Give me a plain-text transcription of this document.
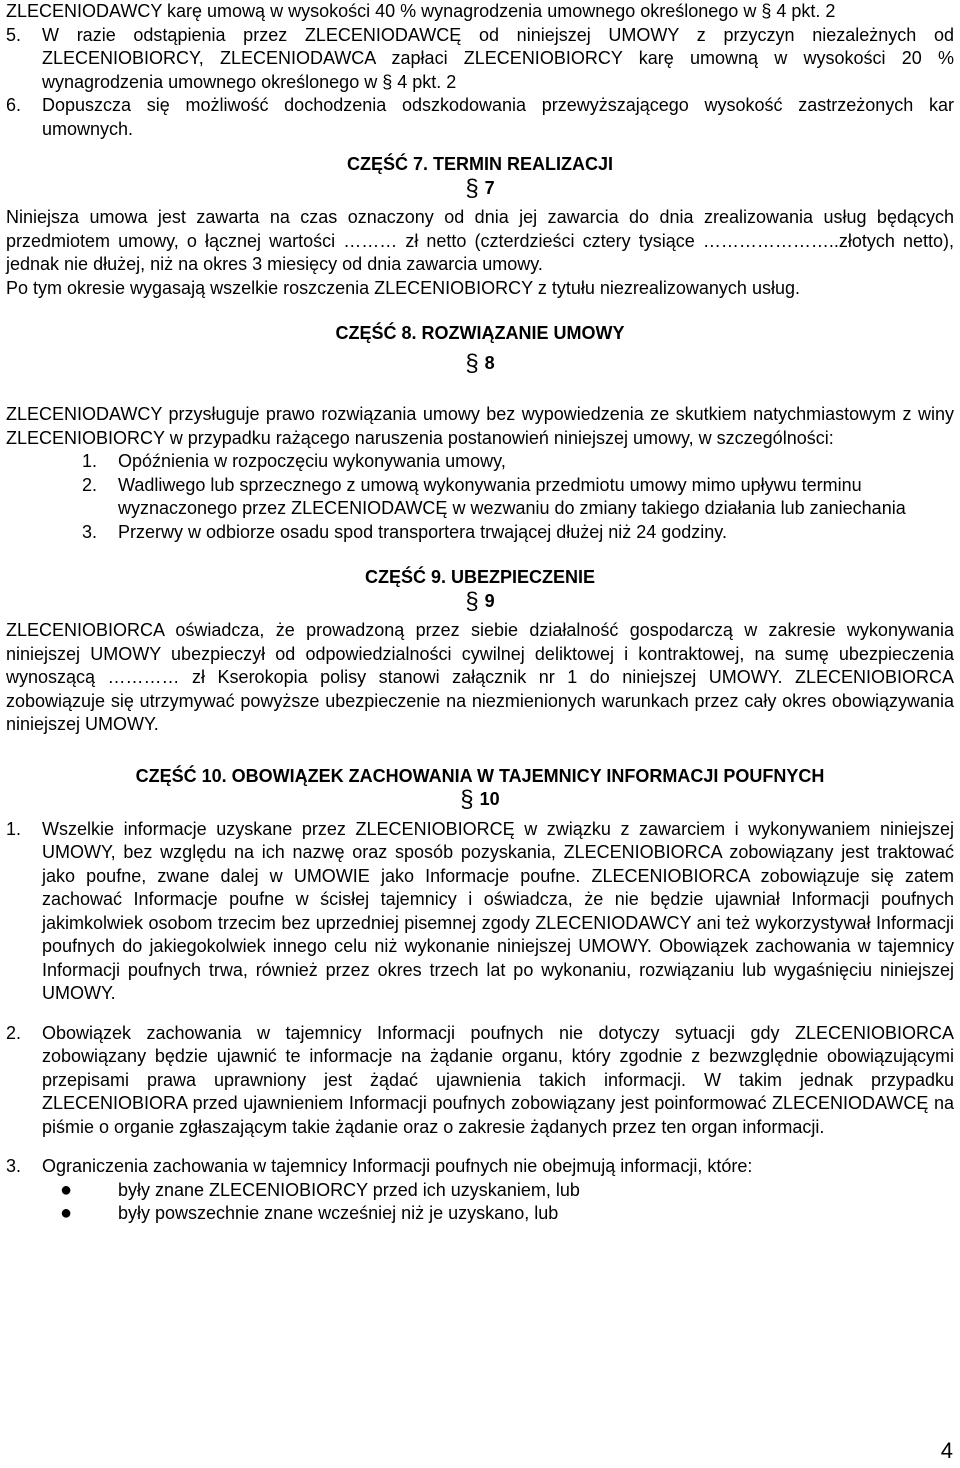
ZLECENIODAWCY karę umową w wysokości 40 % wynagrodzenia umownego określonego w § 4 pkt. 2
5.	W razie odstąpienia przez ZLECENIODAWCĘ od niniejszej UMOWY z przyczyn niezależnych od ZLECENIOBIORCY, ZLECENIODAWCA zapłaci ZLECENIOBIORCY karę umowną w wysokości 20 % wynagrodzenia umownego określonego w § 4 pkt. 2
6.	Dopuszcza się możliwość dochodzenia odszkodowania przewyższającego wysokość zastrzeżonych kar umownych.
CZĘŚĆ 7. TERMIN REALIZACJI
§ 7
Niniejsza umowa jest zawarta na czas oznaczony od dnia jej zawarcia do dnia zrealizowania usług będących przedmiotem umowy, o łącznej wartości ……… zł netto (czterdzieści cztery tysiące …………………..złotych netto), jednak nie dłużej, niż na okres 3 miesięcy od dnia zawarcia umowy.
Po tym okresie wygasają wszelkie roszczenia ZLECENIOBIORCY z tytułu niezrealizowanych usług.
CZĘŚĆ 8. ROZWIĄZANIE UMOWY
§ 8
ZLECENIODAWCY przysługuje prawo rozwiązania umowy bez wypowiedzenia ze skutkiem natychmiastowym z winy ZLECENIOBIORCY w przypadku rażącego naruszenia postanowień niniejszej umowy, w szczególności:
1.	Opóźnienia w rozpoczęciu wykonywania umowy,
2.	Wadliwego lub sprzecznego z umową wykonywania przedmiotu umowy mimo upływu terminu wyznaczonego przez ZLECENIODAWCĘ w wezwaniu do zmiany takiego działania lub zaniechania
3.	Przerwy w odbiorze osadu spod transportera trwającej dłużej niż 24 godziny.
CZĘŚĆ 9. UBEZPIECZENIE
§ 9
ZLECENIOBIORCA oświadcza, że prowadzoną przez siebie działalność gospodarczą w zakresie wykonywania niniejszej UMOWY ubezpieczył od odpowiedzialności cywilnej deliktowej i kontraktowej, na sumę ubezpieczenia wynoszącą ………… zł Kserokopia polisy stanowi załącznik nr 1 do niniejszej UMOWY. ZLECENIOBIORCA zobowiązuje się utrzymywać powyższe ubezpieczenie na niezmienionych warunkach przez cały okres obowiązywania niniejszej UMOWY.
CZĘŚĆ 10. OBOWIĄZEK ZACHOWANIA W TAJEMNICY INFORMACJI POUFNYCH
§ 10
1.	Wszelkie informacje uzyskane przez ZLECENIOBIORCĘ w związku z zawarciem i wykonywaniem niniejszej UMOWY, bez względu na ich nazwę oraz sposób pozyskania, ZLECENIOBIORCA zobowiązany jest traktować jako poufne, zwane dalej w UMOWIE jako Informacje poufne. ZLECENIOBIORCA zobowiązuje się zatem zachować Informacje poufne w ścisłej tajemnicy i oświadcza, że nie będzie ujawniał Informacji poufnych jakimkolwiek osobom trzecim bez uprzedniej pisemnej zgody ZLECENIODAWCY ani też wykorzystywał Informacji poufnych do jakiegokolwiek innego celu niż wykonanie niniejszej UMOWY. Obowiązek zachowania w tajemnicy Informacji poufnych trwa, również przez okres trzech lat po wykonaniu, rozwiązaniu lub wygaśnięciu niniejszej UMOWY.
2.	Obowiązek zachowania w tajemnicy Informacji poufnych nie dotyczy sytuacji gdy ZLECENIOBIORCA zobowiązany będzie ujawnić te informacje na żądanie organu, który zgodnie z bezwzględnie obowiązującymi przepisami prawa uprawniony jest żądać ujawnienia takich informacji. W takim jednak przypadku ZLECENIOBIORA przed ujawnieniem Informacji poufnych zobowiązany jest poinformować ZLECENIODAWCĘ na piśmie o organie zgłaszającym takie żądanie oraz o zakresie żądanych przez ten organ informacji.
3.	Ograniczenia zachowania w tajemnicy Informacji poufnych nie obejmują informacji, które:
●	były znane ZLECENIOBIORCY przed ich uzyskaniem, lub
●	były powszechnie znane wcześniej niż je uzyskano, lub
4
